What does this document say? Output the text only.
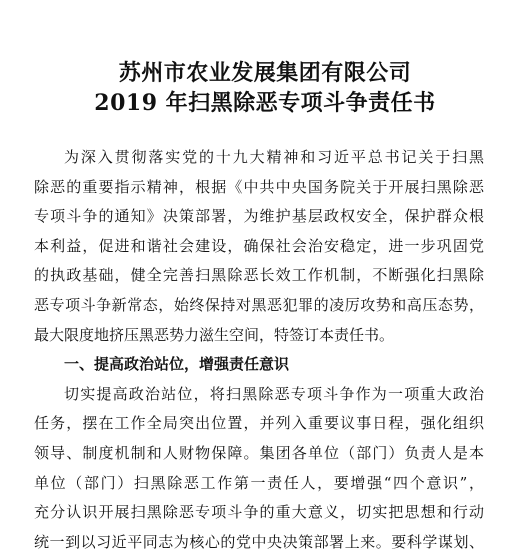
苏州市农业发展集团有限公司
2019 年扫黑除恶专项斗争责任书
为深入贯彻落实党的十九大精神和习近平总书记关于扫黑
除恶的重要指示精神，根据《中共中央国务院关于开展扫黑除恶
专项斗争的通知》决策部署，为维护基层政权安全，保护群众根
本利益，促进和谐社会建设，确保社会治安稳定，进一步巩固党
的执政基础，健全完善扫黑除恶长效工作机制，不断强化扫黑除
恶专项斗争新常态，始终保持对黑恶犯罪的凌厉攻势和高压态势，
最大限度地挤压黑恶势力滋生空间，特签订本责任书。
一、提高政治站位，增强责任意识
切实提高政治站位，将扫黑除恶专项斗争作为一项重大政治
任务，摆在工作全局突出位置，并列入重要议事日程，强化组织
领导、制度机制和人财物保障。集团各单位（部门）负责人是本
单位（部门）扫黑除恶工作第一责任人，要增强“四个意识”，
充分认识开展扫黑除恶专项斗争的重大意义，切实把思想和行动
统一到以习近平同志为核心的党中央决策部署上来。要科学谋划、
